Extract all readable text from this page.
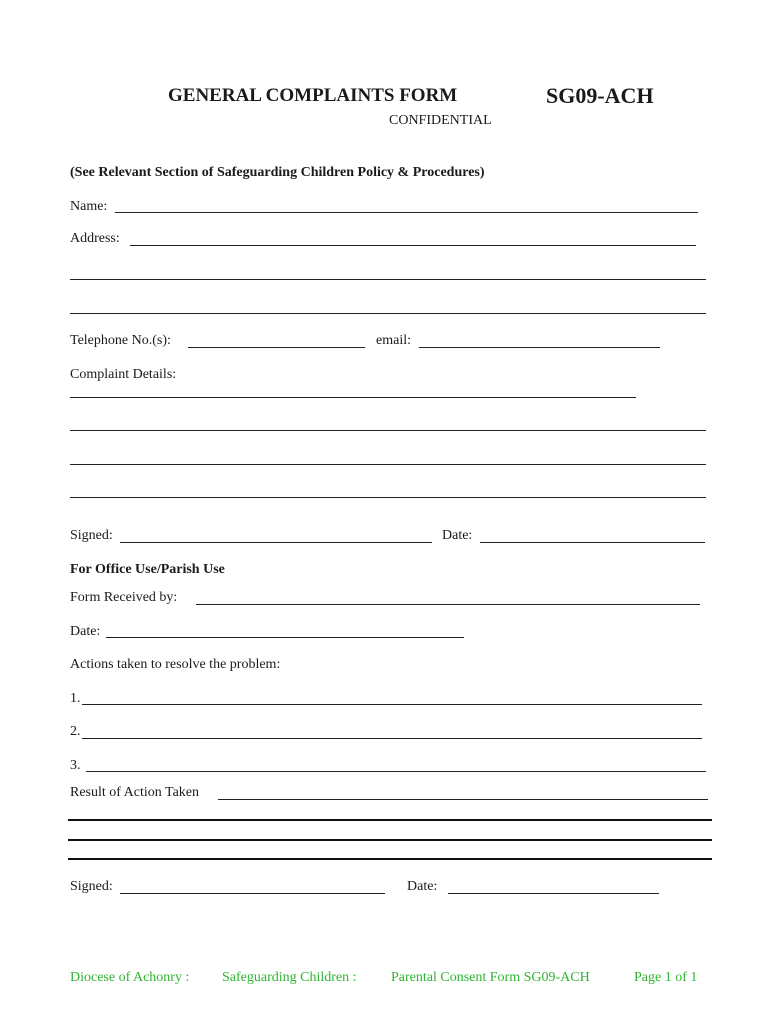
GENERAL COMPLAINTS FORM	SG09-ACH
CONFIDENTIAL
(See Relevant Section of Safeguarding Children Policy & Procedures)
Name:
Address:
Telephone No.(s):	email:
Complaint Details:
Signed:	Date:
For Office Use/Parish Use
Form Received by:
Date:
Actions taken to resolve the problem:
1.
2.
3.
Result of Action Taken
Signed:	Date:
Diocese of Achonry : Safeguarding Children : Parental Consent Form SG09-ACH	Page 1 of 1
